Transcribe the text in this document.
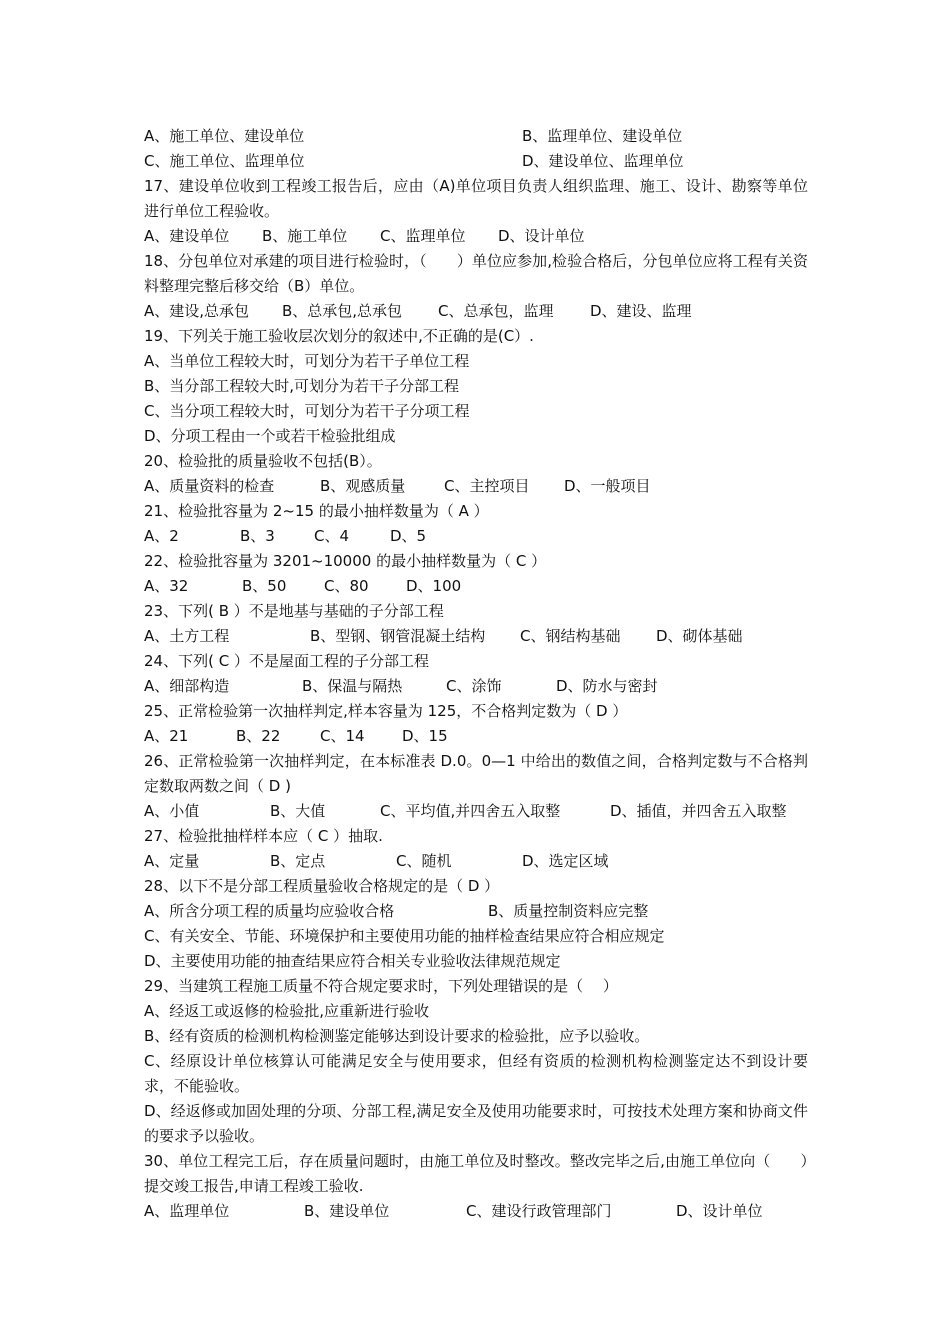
A、施工单位、建设单位	B、监理单位、建设单位
C、施工单位、监理单位	D、建设单位、监理单位
17、建设单位收到工程竣工报告后，应由（A)单位项目负责人组织监理、施工、设计、勘察等单位进行单位工程验收。
A、建设单位 B、施工单位 C、监理单位 D、设计单位
18、分包单位对承建的项目进行检验时，（　　）单位应参加,检验合格后，分包单位应将工程有关资料整理完整后移交给（B）单位。
A、建设,总承包 B、总承包,总承包 C、总承包，监理 D、建设、监理
19、下列关于施工验收层次划分的叙述中,不正确的是(C）.
A、当单位工程较大时，可划分为若干子单位工程
B、当分部工程较大时,可划分为若干子分部工程
C、当分项工程较大时，可划分为若干子分项工程
D、分项工程由一个或若干检验批组成
20、检验批的质量验收不包括(B）。
A、质量资料的检查	B、观感质量	C、主控项目 D、一般项目
21、检验批容量为 2~15 的最小抽样数量为（ A ）
A、2	B、3	C、4	D、5
22、检验批容量为 3201~10000 的最小抽样数量为（ C ）
A、32	B、50	C、80 D、100
23、下列( B ）不是地基与基础的子分部工程
A、土方工程	B、型钢、钢管混凝土结构 C、钢结构基础 D、砌体基础
24、下列( C ）不是屋面工程的子分部工程
A、细部构造	B、保温与隔热	C、涂饰	D、防水与密封
25、正常检验第一次抽样判定,样本容量为 125，不合格判定数为（ D ）
A、21	B、22	C、14 D、15
26、正常检验第一次抽样判定，在本标准表 D.0。0—1 中给出的数值之间，合格判定数与不合格判定数取两数之间（ D )
A、小值	B、大值	C、平均值,并四舍五入取整	D、插值，并四舍五入取整
27、检验批抽样样本应（ C ）抽取.
A、定量	B、定点	C、随机	D、选定区域
28、以下不是分部工程质量验收合格规定的是（ D ）
A、所含分项工程的质量均应验收合格	B、质量控制资料应完整
C、有关安全、节能、环境保护和主要使用功能的抽样检查结果应符合相应规定
D、主要使用功能的抽查结果应符合相关专业验收法律规范规定
29、当建筑工程施工质量不符合规定要求时，下列处理错误的是（　 ）
A、经返工或返修的检验批,应重新进行验收
B、经有资质的检测机构检测鉴定能够达到设计要求的检验批，应予以验收。
C、经原设计单位核算认可能满足安全与使用要求，但经有资质的检测机构检测鉴定达不到设计要求，不能验收。
D、经返修或加固处理的分项、分部工程,满足安全及使用功能要求时，可按技术处理方案和协商文件的要求予以验收。
30、单位工程完工后，存在质量问题时，由施工单位及时整改。整改完毕之后,由施工单位向（　　）提交竣工报告,申请工程竣工验收.
A、监理单位	B、建设单位	C、建设行政管理部门	D、设计单位
